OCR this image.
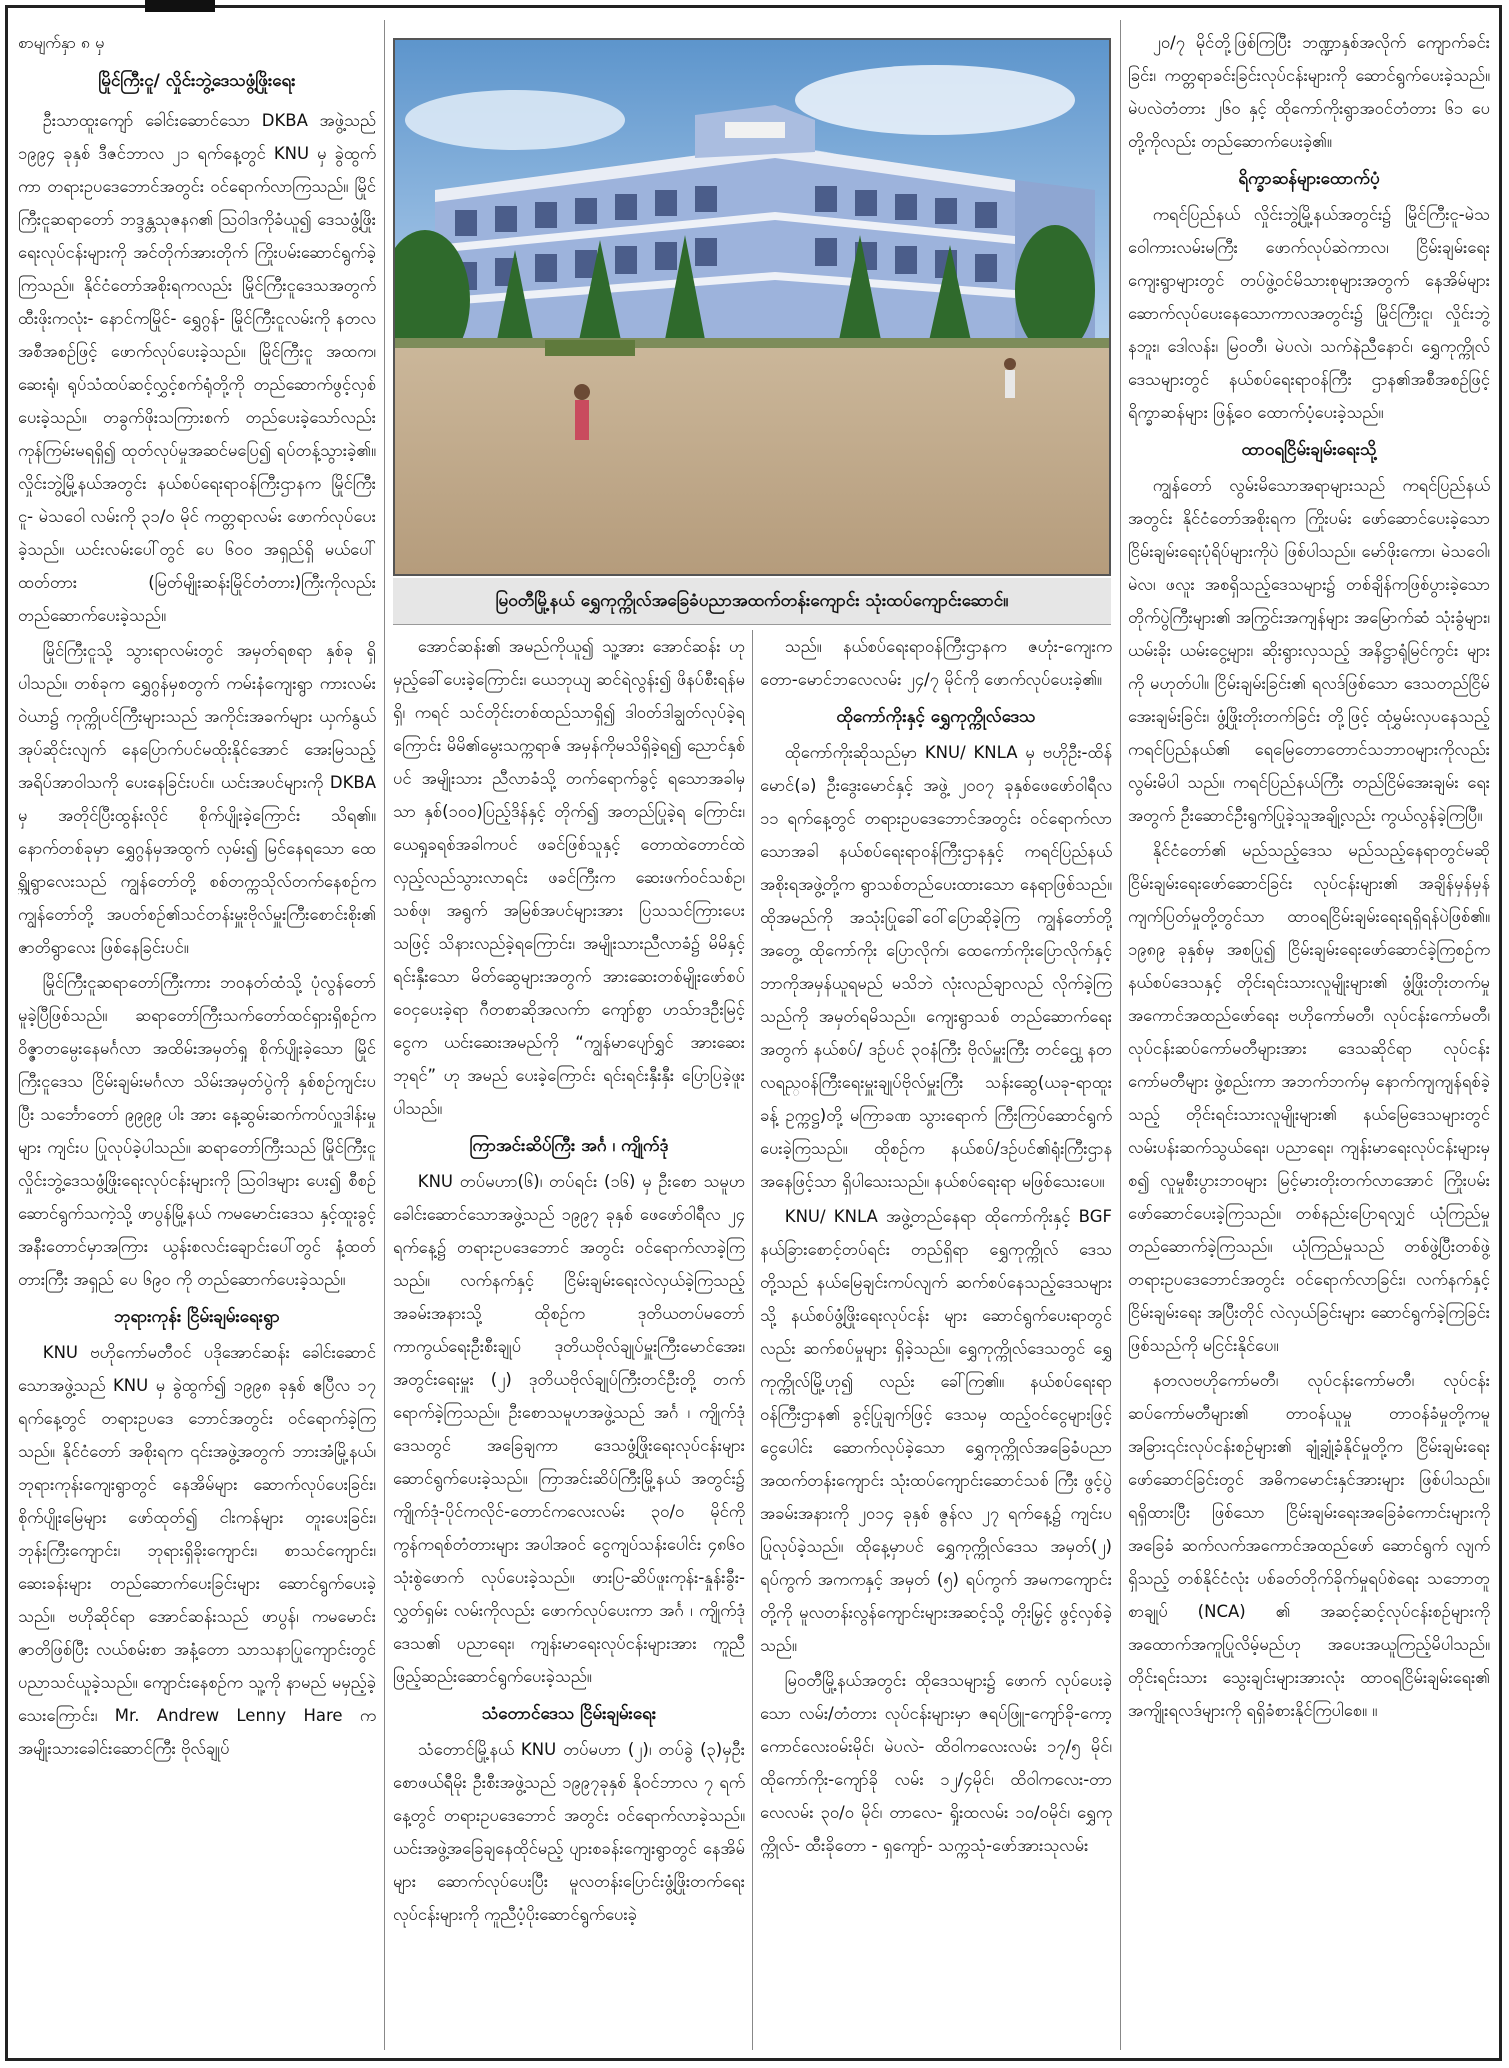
စာမျက်နှာ ၈ မှ
မြိုင်ကြီးငူ/ လှိုင်းဘွဲ့ဒေသဖွံ့ဖြိုးရေး

ဦးသာထူးကျော် ခေါင်းဆောင်သော DKBA အဖွဲ့သည် ၁၉၉၄ ခုနှစ် ဒီဇင်ဘာလ ၂၁ ရက်နေ့တွင် KNU မှ ခွဲထွက်ကာ တရားဥပဒေဘောင်အတွင်း ဝင်ရောက်လာကြသည်။ မြိုင်ကြီးငူဆရာတော် ဘဒ္ဒန္တသုဇနၵ၏ ဩဝါဒကိုခံယူ၍ ဒေသဖွံ့ဖြိုးရေးလုပ်ငန်းများကို အင်တိုက်အားတိုက် ကြိုးပမ်းဆောင်ရွက်ခဲ့ကြသည်။ နိုင်ငံတော်အစိုးရကလည်း မြိုင်ကြီးငူဒေသအတွက် ထီးဖိုးကလုံး- နောင်ကမြိုင်- ရွှေဂွန်- မြိုင်ကြီးငူလမ်းကို နတလအစီအစဉ်ဖြင့် ဖောက်လုပ်ပေးခဲ့သည်။ မြိုင်ကြီးငူ အထက၊ ဆေးရုံ၊ ရုပ်သံထပ်ဆင့်လွှင့်စက်ရုံတို့ကို တည်ဆောက်ဖွင့်လှစ်ပေးခဲ့သည်။ တခွက်ဖိုးသကြားစက် တည်ပေးခဲ့သော်လည်း ကုန်ကြမ်းမရရှိ၍ ထုတ်လုပ်မှုအဆင်မပြေ၍ ရပ်တန့်သွားခဲ့၏။ လှိုင်းဘွဲ့မြို့နယ်အတွင်း နယ်စပ်ရေးရာဝန်ကြီးဌာနက မြိုင်ကြီးငူ- မဲသဝေါ လမ်းကို ၃၁/၀ မိုင် ကတ္တရာလမ်း ဖောက်လုပ်ပေးခဲ့သည်။ ယင်းလမ်းပေါ်တွင် ပေ ၆၀၀ အရှည်ရှိ မယ်ပေါ်ထတ်တား (မြတ်မျိုးဆန်းမြိုင်တံတား)ကြီးကိုလည်း တည်ဆောက်ပေးခဲ့သည်။

မြိုင်ကြီးငူသို့ သွားရာလမ်းတွင် အမှတ်ရစရာ နှစ်ခု ရှိပါသည်။ တစ်ခုက ရွှေဂွန်မှစတွက် ကမ်းနံကျေးရွာ ကားလမ်းဝဲယာ၌ ကုက္ကိုပင်ကြီးများသည် အကိုင်းအခက်များ ယှက်နွယ်အုပ်ဆိုင်းလျက် နေပြောက်ပင်မထိုးနိုင်အောင် အေးမြသည့် အရိပ်အာဝါသကို ပေးနေခြင်းပင်။ ယင်းအပင်များကို DKBA မှ အတိုင်ပြီးထွန်းလိုင် စိုက်ပျိုးခဲ့ကြောင်း သိရ၏။ နောက်တစ်ခုမှာ ရွှေဂွန်မှအထွက် လှမ်း၍ မြင်နေရသော ထေရ္ကိုရွာလေးသည် ကျွန်တော်တို့ စစ်တက္ကသိုလ်တက်နေစဉ်က ကျွန်တော်တို့ အပတ်စဉ်၏သင်တန်းမှူးဗိုလ်မှူးကြီးစောင်းစိုး၏ ဇာတိရွာလေး ဖြစ်နေခြင်းပင်။

မြိုင်ကြီးငူဆရာတော်ကြီးကား ဘဝနတ်ထံသို့ ပုံလွန်တော်မူခဲ့ပြီဖြစ်သည်။ ဆရာတော်ကြီးသက်တော်ထင်ရှားရှိစဉ်က ဝိဇ္ဇာတမ္ပေးနေမင်္ဂလာ အထိမ်းအမှတ်ရှု စိုက်ပျိုးခဲ့သော မြိုင်ကြီးငူဒေသ ငြိမ်းချမ်းမင်္ဂလာ သိမ်းအမှတ်ပွဲကို နှစ်စဉ်ကျင်းပပြီး သင်္ဘောတော် ၉၉၉၉ ပါး အား နေ့ဆွမ်းဆက်ကပ်လှူဒါန်းမှုများ ကျင်းပ ပြုလုပ်ခဲ့ပါသည်။ ဆရာတော်ကြီးသည် မြိုင်ကြီးငူ လှိုင်းဘွဲ့ဒေသဖွံ့ဖြိုးရေးလုပ်ငန်းများကို ဩဝါဒများ ပေး၍ စီစဉ်ဆောင်ရွက်သကဲ့သို့ ဖာပွန်မြို့နယ် ကမမောင်းဒေသ နှင့်ထူးခွင့်အနီးတောင်မှာအကြား ယွန်းစလင်းချောင်းပေါ်တွင် နံ့ထတ်တားကြီး အရှည် ပေ ၆၉၀ ကို တည်ဆောက်ပေးခဲ့သည်။

ဘုရားကုန်း ငြိမ်းချမ်းရေးရွာ

KNU ဗဟိုကော်မတီဝင် ပဒိုအောင်ဆန်း ခေါင်းဆောင်သောအဖွဲ့သည် KNU မှ ခွဲထွက်၍ ၁၉၉၈ ခုနှစ် ဧပြီလ ၁၇ ရက်နေ့တွင် တရားဥပဒေ ဘောင်အတွင်း ဝင်ရောက်ခဲ့ကြသည်။ နိုင်ငံတော် အစိုးရက ၎င်းအဖွဲ့အတွက် ဘားအံမြို့နယ်၊ ဘုရားကုန်းကျေးရွာတွင် နေအိမ်များ ဆောက်လုပ်ပေးခြင်း၊ စိုက်ပျိုးမြေများ ဖော်ထုတ်၍ ငါးကန်များ တူးပေးခြင်း၊ ဘုန်းကြီးကျောင်း၊ ဘုရားရှိခိုးကျောင်း၊ စာသင်ကျောင်း၊ ဆေးခန်းများ တည်ဆောက်ပေးခြင်းများ ဆောင်ရွက်ပေးခဲ့သည်။ ဗဟိုဆိုင်ရာ အောင်ဆန်းသည် ဖာပွန်၊ ကမမောင်းဇာတိဖြစ်ပြီး လယ်စမ်းစာ အနံ့တော သာသနာပြုကျောင်းတွင် ပညာသင်ယူခဲ့သည်။ ကျောင်းနေစဉ်က သူ့ကို နာမည် မမှည့်ခဲ့သေးကြောင်း၊ Mr. Andrew Lenny Hare က အမျိုးသားခေါင်းဆောင်ကြီး ဗိုလ်ချုပ်

မြဝတီမြို့နယ် ရွှေကုက္ကိုလ်အခြေခံပညာအထက်တန်းကျောင်း သုံးထပ်ကျောင်းဆောင်။

အောင်ဆန်း၏ အမည်ကိုယူ၍ သူ့အား အောင်ဆန်း ဟု မှည့်ခေါ်ပေးခဲ့ကြောင်း၊ ယေဘုယျ ဆင်ရဲလွန်း၍ ဖိနပ်စီးရန်မရှိ၊ ကရင် သင်တိုင်းတစ်ထည်သာရှိ၍ ဒါ၀တ်ဒါချွတ်လုပ်ခဲ့ရကြောင်း မိမိ၏မွေးသက္ကရာဇ် အမှန်ကိုမသိရှိခဲ့ရ၍ ညောင်နှစ်ပင် အမျိုးသား ညီလာခံသို့ တက်ရောက်ခွင့် ရသောအခါမှသာ နှစ်(၁၀၀)ပြည့်ဒိန်နှင့် တိုက်၍ အတည်ပြုခဲ့ရ ကြောင်း၊ ယေရှုခရစ်အခါကပင် ဖခင်ဖြစ်သူနှင့် တောထဲတောင်ထဲ လှည့်လည်သွားလာရင်း ဖခင်ကြီးက ဆေးဖက်ဝင်သစ်ဥ၊ သစ်ဖု၊ အရွက် အမြစ်အပင်များအား ပြသသင်ကြားပေးသဖြင့် သိနားလည်ခဲ့ရကြောင်း၊ အမျိုးသားညီလာခံ၌ မိမိနှင့်ရင်းနှီးသော မိတ်ဆွေများအတွက် အားဆေးတစ်မျိုးဖော်စပ်ဝေငှပေးခဲ့ရာ ဂီတစာဆိုအလက်ာ ကျော်စွာ ဟသ်ာဒဦးမြင့်ငွေက ယင်းဆေးအမည်ကို “ကျွန်မာပျော်ရွှင် အားဆေးဘုရင်” ဟု အမည် ပေးခဲ့ကြောင်း ရင်းရင်းနှီးနှီး ပြောပြခဲ့ဖူးပါသည်။

ကြာအင်းဆိပ်ကြီး အင်္ဂ ၊ ကျိုက်ဒုံ

KNU တပ်မဟာ(၆)၊ တပ်ရင်း (၁၆) မှ ဦးစော သမူဟ ခေါင်းဆောင်သောအဖွဲ့သည် ၁၉၉၇ ခုနှစ် ဖေဖော်ဝါရီလ ၂၄ ရက်နေ့၌ တရားဥပဒေဘောင် အတွင်း ဝင်ရောက်လာခဲ့ကြသည်။ လက်နက်နှင့် ငြိမ်းချမ်းရေးလဲလှယ်ခဲ့ကြသည့် အခမ်းအနားသို့ ထိုစဉ်က ဒုတိယတပ်မတော်ကာကွယ်ရေးဦးစီးချုပ် ဒုတိယဗိုလ်ချုပ်မှူးကြီးမောင်အေး၊ အတွင်းရေးမှူး (၂) ဒုတိယဗိုလ်ချုပ်ကြီးတင်ဦးတို့ တက်ရောက်ခဲ့ကြသည်။ ဦးစောသမူဟအဖွဲ့သည် အင်္ဂ ၊ ကျိုက်ဒုံဒေသတွင် အခြေချကာ ဒေသဖွံ့ဖြိုးရေးလုပ်ငန်းများ ဆောင်ရွက်ပေးခဲ့သည်။ ကြာအင်းဆိပ်ကြီးမြို့နယ် အတွင်း၌ ကျိုက်ဒုံ-ပိုင်ကလိုင်-တောင်ကလေးလမ်း ၃၀/၀ မိုင်ကို ကွန်ကရစ်တံတားများ အပါအဝင် ငွေကျပ်သန်းပေါင်း ၄၈၆၀ သုံးစွဲဖောက် လုပ်ပေးခဲ့သည်။ ဖားပြ-ဆိပ်ဖူးကုန်း-နှုန်းခွီး-လွှတ်ရှမ်း လမ်းကိုလည်း ဖောက်လုပ်ပေးကာ အင်္ဂ ၊ ကျိုက်ဒုံဒေသ၏ ပညာရေး၊ ကျန်းမာရေးလုပ်ငန်းများအား ကူညီဖြည့်ဆည်းဆောင်ရွက်ပေးခဲ့သည်။

သံတောင်ဒေသ ငြိမ်းချမ်းရေး

သံတောင်မြို့နယ် KNU တပ်မဟာ (၂)၊ တပ်ခွဲ (၃)မှဦးစောဖယ်ရီမိုး ဦးစီးအဖွဲ့သည် ၁၉၉၇ခုနှစ် နိုဝင်ဘာလ ၇ ရက်နေ့တွင် တရားဥပဒေဘောင် အတွင်း ဝင်ရောက်လာခဲ့သည်။ ယင်းအဖွဲ့အခြေချနေထိုင်မည့် ပျားစခန်းကျေးရွာတွင် နေအိမ်များ ဆောက်လုပ်ပေးပြီး မူလတန်းပြောင်းဖွံ့ဖြိုးတက်ရေးလုပ်ငန်းများကို ကူညီပံ့ပိုးဆောင်ရွက်ပေးခဲ့

သည်။ နယ်စပ်ရေးရာဝန်ကြီးဌာနက ဇဟုံး-ကျေးကတော-မောင်ဘလေလမ်း ၂၄/၇ မိုင်ကို ဖောက်လုပ်ပေးခဲ့၏။

ထိုကော်ကိုးနှင့် ရွှေကုက္ကိုလ်ဒေသ

ထိုကော်ကိုးဆိုသည်မှာ KNU/ KNLA မှ ဗဟိုဦး-ထိန်မောင်(ခ) ဦးဒွေးမောင်နှင့် အဖွဲ့ ၂၀၀၇ ခုနှစ်ဖေဖော်ဝါရီလ ၁၁ ရက်နေ့တွင် တရားဥပဒေဘောင်အတွင်း ဝင်ရောက်လာသောအခါ နယ်စပ်ရေးရာဝန်ကြီးဌာနနှင့် ကရင်ပြည်နယ် အစိုးရအဖွဲ့တို့က ရွာသစ်တည်ပေးထားသော နေရာဖြစ်သည်။ ထိုအမည်ကို အသုံးပြုခေါ်ဝေါ်ပြောဆိုခဲ့ကြ ကျွန်တော်တို့အတွေ့ ထိုကော်ကိုး ပြောလိုက်၊ ထေကော်ကိုးပြောလိုက်နှင့် ဘာကိုအမှန်ယူရမည် မသိဘဲ လုံးလည်ချာလည် လိုက်ခဲ့ကြသည်ကို အမှတ်ရမိသည်။ ကျေးရွာသစ် တည်ဆောက်ရေး အတွက် နယ်စပ်/ ဒဉ်ပင် ၃၀နံကြီး ဗိုလ်မှူးကြီး တင်ဌွေ၊ နတလရည္ဝန်ကြီးရေးမှူးချုပ်ဗိုလ်မှူးကြီး သန်းဆွေ(ယခု-ရာထူးခန့် ဥက္ကဋ္ဌ)တို့ မကြာခဏ သွားရောက် ကြီးကြပ်ဆောင်ရွက်ပေးခဲ့ကြသည်။ ထိုစဉ်က နယ်စပ်/ဒဉ်ပင်၏ရုံးကြီးဌာနအနေဖြင့်သာ ရှိပါသေးသည်။ နယ်စပ်ရေးရာ မဖြစ်သေးပေ။

KNU/ KNLA အဖွဲ့တည်နေရာ ထိုကော်ကိုးနှင့် BGF နယ်ခြားစောင့်တပ်ရင်း တည်ရှိရာ ရွှေကုက္ကိုလ် ဒေသတို့သည် နယ်မြေချင်းကပ်လျက် ဆက်စပ်နေသည့်ဒေသများသို့ နယ်စပ်ဖွံ့ဖြိုးရေးလုပ်ငန်း များ ဆောင်ရွက်ပေးရာတွင်လည်း ဆက်စပ်မှုများ ရှိခဲ့သည်။ ရွှေကုက္ကိုလ်ဒေသတွင် ရွှေကုက္ကိုလ်မြို့ဟု၍ လည်း ခေါ်ကြ၏။ နယ်စပ်ရေးရာဝန်ကြီးဌာန၏ ခွင့်ပြုချက်ဖြင့် ဒေသမှ ထည့်ဝင်ငွေများဖြင့် ငွေပေါင်း ဆောက်လုပ်ခဲ့သော ရွှေကုက္ကိုလ်အခြေခံပညာ အထက်တန်းကျောင်း သုံးထပ်ကျောင်းဆောင်သစ် ကြီး ဖွင့်ပွဲအခမ်းအနားကို ၂၀၁၄ ခုနှစ် ဇွန်လ ၂၇ ရက်နေ့၌ ကျင်းပပြုလုပ်ခဲ့သည်။ ထိုနေ့မှာပင် ရွှေကုက္ကိုလ်ဒေသ အမှတ်(၂) ရပ်ကွက် အကကနှင့် အမှတ် (၅) ရပ်ကွက် အမကကျောင်းတို့ကို မူလတန်းလွန်ကျောင်းများအဆင့်သို့ တိုးမြှင့် ဖွင့်လှစ်ခဲ့သည်။

မြဝတီမြို့နယ်အတွင်း ထိုဒေသများ၌ ဖောက် လုပ်ပေးခဲ့သော လမ်း/တံတား လုပ်ငန်းများမှာ ဇရပ်ဖြူ-ကျော်ခို-ကော့ကောင်လေးဝမ်းမိုင်၊ မဲပလဲ- ထိဝါကလေးလမ်း ၁၇/၅ မိုင်၊ ထိုကော်ကိုး-ကျော်ခို လမ်း ၁၂/၄မိုင်၊ ထိဝါကလေး-တာလေလမ်း ၃၀/၀ မိုင်၊ တာလေ- ရှိုးထလမ်း ၁၀/၀မိုင်၊ ရွှေကုက္ကိုလ်- ထီးခိုတော - ရှကျော်- သက္ကသုံ-ဖော်အားသုလမ်း

၂၀/၇ မိုင်တို့ဖြစ်ကြပြီး ဘဏ္ဍာနှစ်အလိုက် ကျောက်ခင်းခြင်း၊ ကတ္တရာခင်းခြင်းလုပ်ငန်းများကို ဆောင်ရွက်ပေးခဲ့သည်။ မဲပလဲတံတား ၂၆၀ နှင့် ထိုကော်ကိုးရွာအဝင်တံတား ၆၁ ပေတို့ကိုလည်း တည်ဆောက်ပေးခဲ့၏။

ရိက္ခာဆန်များထောက်ပံ့

ကရင်ပြည်နယ် လှိုင်းဘွဲ့မြို့နယ်အတွင်း၌ မြိုင်ကြီးငူ-မဲသဝေါကားလမ်းမကြီး ဖောက်လုပ်ဆဲကာလ၊ ငြိမ်းချမ်းရေးကျေးရွာများတွင် တပ်ဖွဲ့ဝင်မိသားစုများအတွက် နေအိမ်များ ဆောက်လုပ်ပေးနေသောကာလအတွင်း၌ မြိုင်ကြီးငူ၊ လှိုင်းဘွဲ့ နဘူး၊ ဒေါလန်း၊ မြဝတီ၊ မဲပလဲ၊ သက်နဲညီနောင်၊ ရွှေကုက္ကိုလ်ဒေသများတွင် နယ်စပ်ရေးရာဝန်ကြီး ဌာန၏အစီအစဉ်ဖြင့် ရိက္ခာဆန်များ ဖြန့်ဝေ ထောက်ပံ့ပေးခဲ့သည်။

ထာဝရငြိမ်းချမ်းရေးသို့

ကျွန်တော် လွမ်းမိသောအရာများသည် ကရင်ပြည်နယ်အတွင်း နိုင်ငံတော်အစိုးရက ကြိုးပမ်း ဖော်ဆောင်ပေးခဲ့သော ငြိမ်းချမ်းရေးပုံရိပ်များကိုပဲ ဖြစ်ပါသည်။ မော်ဖိုးကော၊ မဲသဝေါ၊ မဲလ၊ ဖလူး အစရှိသည့်ဒေသများ၌ တစ်ချိန်ကဖြစ်ပွားခဲ့သော တိုက်ပွဲကြီးများ၏ အကြွင်းအကျန်များ အမြောက်ဆံ သုံးခွံများ၊ ယမ်းခိုး ယမ်းငွေ့များ၊ ဆိုးရွားလှသည့် အနိဋ္ဌာရုံမြင်ကွင်း များကို မဟုတ်ပါ။ ငြိမ်းချမ်းခြင်း၏ ရလဒ်ဖြစ်သော ဒေသတည်ငြိမ်အေးချမ်းခြင်း၊ ဖွံ့ဖြိုးတိုးတက်ခြင်း တို့ဖြင့် ထုံမွှမ်းလှပနေသည့် ကရင်ပြည်နယ်၏ ရေမြေတောတောင်သဘာဝများကိုလည်း လွမ်းမိပါ သည်။ ကရင်ပြည်နယ်ကြီး တည်ငြိမ်အေးချမ်း ရေးအတွက် ဦးဆောင်ဦးရွက်ပြုခဲ့သူအချို့လည်း ကွယ်လွန်ခဲ့ကြပြီ။

နိုင်ငံတော်၏ မည်သည့်ဒေသ မည်သည့်နေရာတွင်မဆို ငြိမ်းချမ်းရေးဖော်ဆောင်ခြင်း လုပ်ငန်းများ၏ အချိန်မှန်မှန်ကျက်ပြတ်မှုတို့တွင်သာ ထာဝရငြိမ်းချမ်းရေးရရှိရန်ပဲဖြစ်၏။ ၁၉၈၉ ခုနှစ်မှ အစပြု၍ ငြိမ်းချမ်းရေးဖော်ဆောင်ခဲ့ကြစဉ်က နယ်စပ်ဒေသနှင့် တိုင်းရင်းသားလူမျိုးများ၏ ဖွံ့ဖြိုးတိုးတက်မှု အကောင်အထည်ဖော်ရေး ဗဟိုကော်မတီ၊ လုပ်ငန်းကော်မတီ၊ လုပ်ငန်းဆပ်ကော်မတီများအား ဒေသဆိုင်ရာ လုပ်ငန်းကော်မတီများ ဖွဲ့စည်းကာ အဘက်ဘက်မှ နောက်ကျကျန်ရစ်ခဲ့သည့် တိုင်းရင်းသားလူမျိုးများ၏ နယ်မြေဒေသများတွင် လမ်းပန်းဆက်သွယ်ရေး၊ ပညာရေး၊ ကျန်းမာရေးလုပ်ငန်းများမှစ၍ လူမှုစီးပွားဘဝများ မြင့်မားတိုးတက်လာအောင် ကြိုးပမ်းဖော်ဆောင်ပေးခဲ့ကြသည်။ တစ်နည်းပြောရလျှင် ယုံကြည်မှု တည်ဆောက်ခဲ့ကြသည်။ ယုံကြည်မှုသည် တစ်ဖွဲ့ပြီးတစ်ဖွဲ့ တရားဥပဒေဘောင်အတွင်း ဝင်ရောက်လာခြင်း၊ လက်နက်နှင့် ငြိမ်းချမ်းရေး အပြီးတိုင် လဲလှယ်ခြင်းများ ဆောင်ရွက်ခဲ့ကြခြင်း ဖြစ်သည်ကို မငြင်းနိုင်ပေ။

နတလဗဟိုကော်မတီ၊ လုပ်ငန်းကော်မတီ၊ လုပ်ငန်းဆပ်ကော်မတီများ၏ တာဝန်ယူမှု တာဝန်ခံမှုတို့ကမူ အခြား၎င်းလုပ်ငန်းစဉ်များ၏ ချုံ့ချုံ့ခံနိုင်မှုတို့က ငြိမ်းချမ်းရေးဖော်ဆောင်ခြင်းတွင် အဓိကမောင်းနှင်အားများ ဖြစ်ပါသည်။ ရရှိထားပြီး ဖြစ်သော ငြိမ်းချမ်းရေးအခြေခံကောင်းများကိုအခြေခံ ဆက်လက်အကောင်အထည်ဖော် ဆောင်ရွက် လျက်ရှိသည့် တစ်နိုင်ငံလုံး ပစ်ခတ်တိုက်ခိုက်မှုရပ်စဲရေး သဘောတူစာချုပ် (NCA) ၏ အဆင့်ဆင့်လုပ်ငန်းစဉ်များကို အထောက်အကူပြုလိမ့်မည်ဟု အပေးအယူကြည့်မိပါသည်။ တိုင်းရင်းသား သွေးချင်းများအားလုံး ထာဝရငြိမ်းချမ်းရေး၏ အကျိုးရလဒ်များကို ရရှိခံစားနိုင်ကြပါစေ။ ။
